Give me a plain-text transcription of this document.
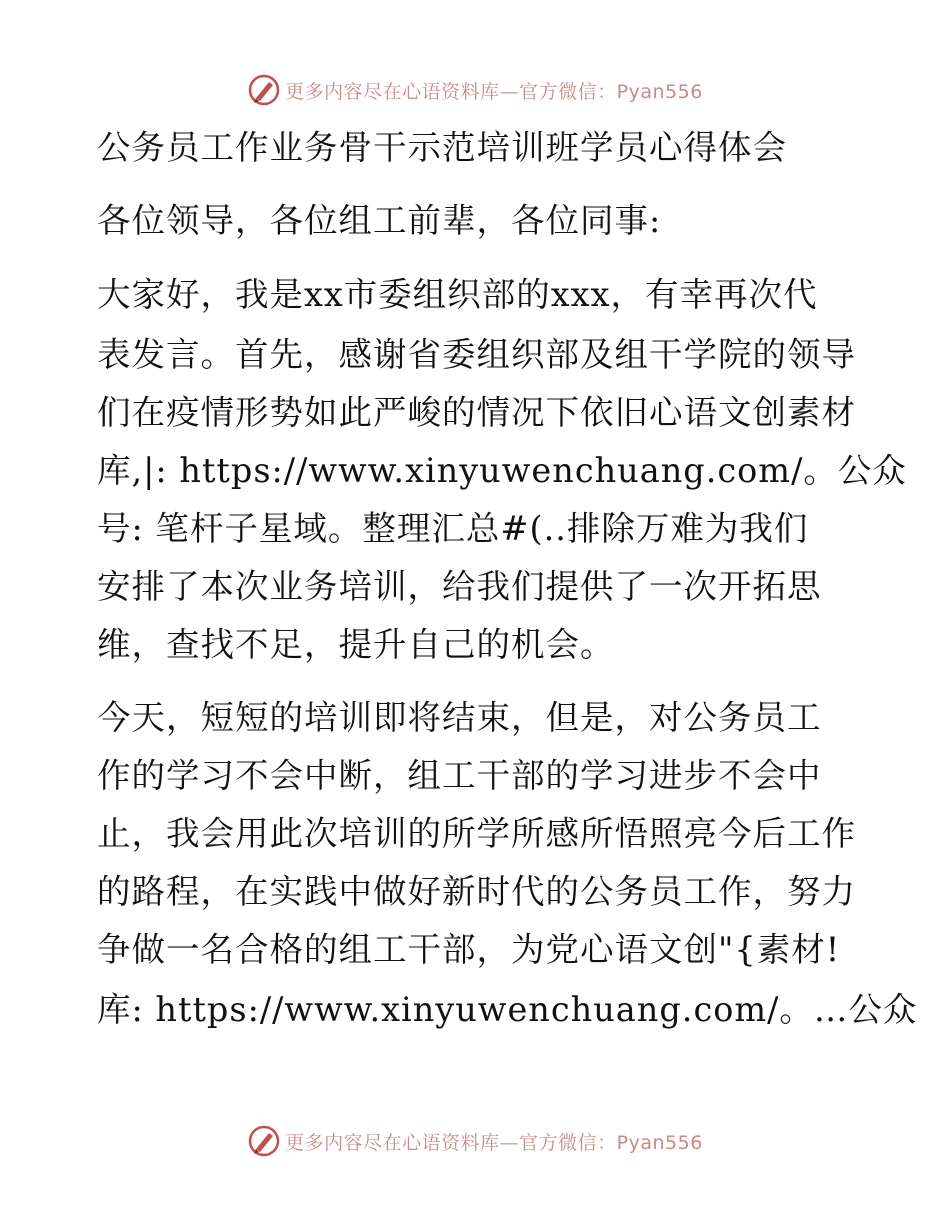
更多内容尽在心语资料库—官方微信：Pyan556
公务员工作业务骨干示范培训班学员心得体会
各位领导，各位组工前辈，各位同事:
大家好，我是xx市委组织部的xxx，有幸再次代
表发言。首先，感谢省委组织部及组干学院的领导
们在疫情形势如此严峻的情况下依旧心语文创素材
库,|: https://www.xinyuwenchuang.com/。公众
号: 笔杆子星域。整理汇总#(..排除万难为我们
安排了本次业务培训，给我们提供了一次开拓思
维，查找不足，提升自己的机会。
今天，短短的培训即将结束，但是，对公务员工
作的学习不会中断，组工干部的学习进步不会中
止，我会用此次培训的所学所感所悟照亮今后工作
的路程，在实践中做好新时代的公务员工作，努力
争做一名合格的组工干部，为党心语文创"{素材!
库: https://www.xinyuwenchuang.com/。…公众
更多内容尽在心语资料库—官方微信：Pyan556
